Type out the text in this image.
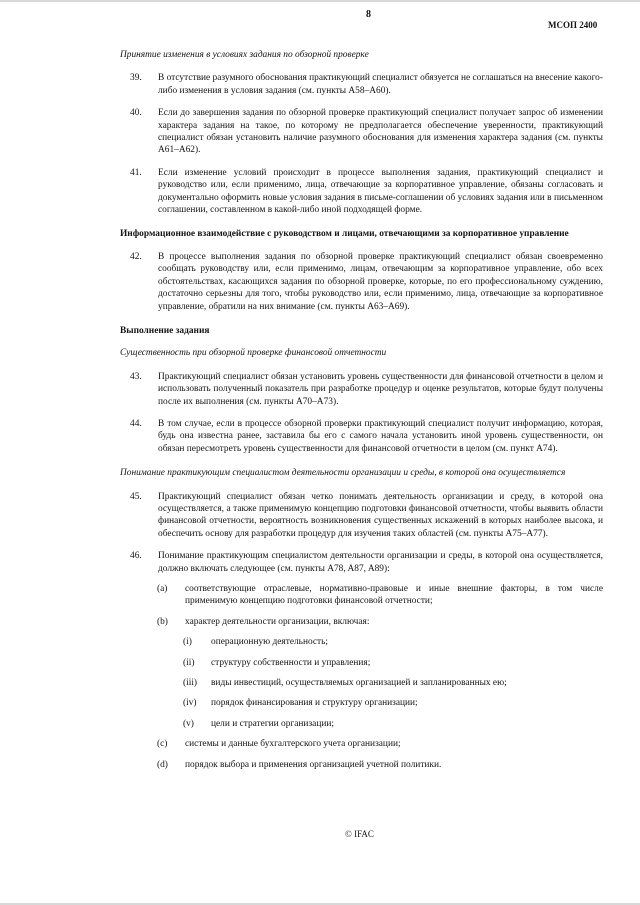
8
МСОП 2400

Принятие изменения в условиях задания по обзорной проверке

39. В отсутствие разумного обоснования практикующий специалист обязуется не соглашаться на внесение какого-либо изменения в условия задания (см. пункты A58–A60).
40. Если до завершения задания по обзорной проверке практикующий специалист получает запрос об изменении характера задания на такое, по которому не предполагается обеспечение уверенности, практикующий специалист обязан установить наличие разумного обоснования для изменения характера задания (см. пункты A61–A62).
41. Если изменение условий происходит в процессе выполнения задания, практикующий специалист и руководство или, если применимо, лица, отвечающие за корпоративное управление, обязаны согласовать и документально оформить новые условия задания в письме-соглашении об условиях задания или в письменном соглашении, составленном в какой-либо иной подходящей форме.

Информационное взаимодействие с руководством и лицами, отвечающими за корпоративное управление

42. В процессе выполнения задания по обзорной проверке практикующий специалист обязан своевременно сообщать руководству или, если применимо, лицам, отвечающим за корпоративное управление, обо всех обстоятельствах, касающихся задания по обзорной проверке, которые, по его профессиональному суждению, достаточно серьезны для того, чтобы руководство или, если применимо, лица, отвечающие за корпоративное управление, обратили на них внимание (см. пункты A63–A69).

Выполнение задания

Существенность при обзорной проверке финансовой отчетности

43. Практикующий специалист обязан установить уровень существенности для финансовой отчетности в целом и использовать полученный показатель при разработке процедур и оценке результатов, которые будут получены после их выполнения (см. пункты A70–A73).
44. В том случае, если в процессе обзорной проверки практикующий специалист получит информацию, которая, будь она известна ранее, заставила бы его с самого начала установить иной уровень существенности, он обязан пересмотреть уровень существенности для финансовой отчетности в целом (см. пункт A74).

Понимание практикующим специалистом деятельности организации и среды, в которой она осуществляется

45. Практикующий специалист обязан четко понимать деятельность организации и среду, в которой она осуществляется, а также применимую концепцию подготовки финансовой отчетности, чтобы выявить области финансовой отчетности, вероятность возникновения существенных искажений в которых наиболее высока, и обеспечить основу для разработки процедур для изучения таких областей (см. пункты A75–A77).
46. Понимание практикующим специалистом деятельности организации и среды, в которой она осуществляется, должно включать следующее (см. пункты A78, A87, A89):
(a) соответствующие отраслевые, нормативно-правовые и иные внешние факторы, в том числе применимую концепцию подготовки финансовой отчетности;
(b) характер деятельности организации, включая:
(i) операционную деятельность;
(ii) структуру собственности и управления;
(iii) виды инвестиций, осуществляемых организацией и запланированных ею;
(iv) порядок финансирования и структуру организации;
(v) цели и стратегии организации;
(c) системы и данные бухгалтерского учета организации;
(d) порядок выбора и применения организацией учетной политики.
© IFAC
